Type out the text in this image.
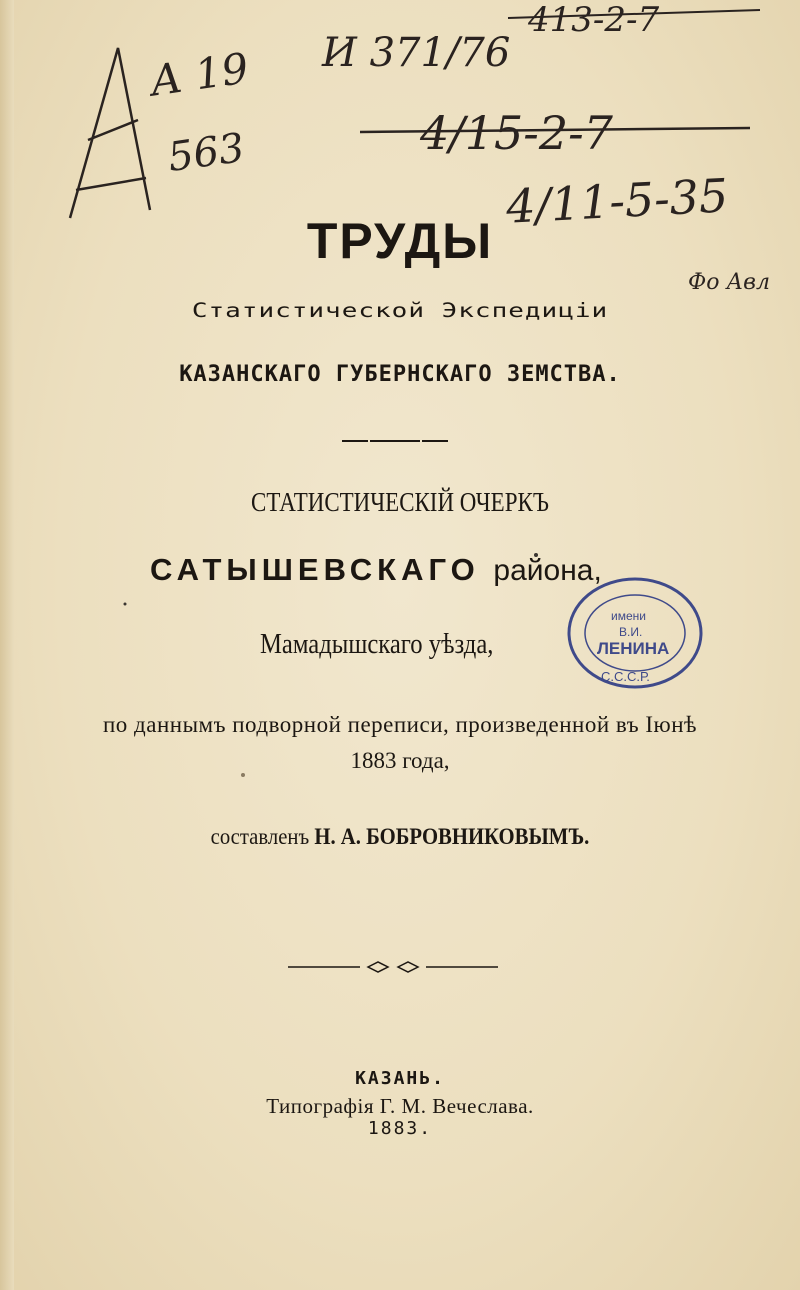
А 19
563
И 371/76
413-2-7
4/15-2-7
4/11-5-35
Фо Авл
ТРУДЫ
Статистической Экспедиціи
КАЗАНСКАГО ГУБЕРНСКАГО ЗЕМСТВА.
СТАТИСТИЧЕСКІЙ ОЧЕРКЪ
САТЫШЕВСКАГО района,
Мамадышскаго уѣзда,
по даннымъ подворной переписи, произведенной въ Іюнѣ
1883 года,
составленъ Н. А. БОБРОВНИКОВЫМЪ.
КАЗАНЬ.
Типографія Г. М. Вечеслава.
1883.
имени
В.И.
ЛЕНИНА
С.С.С.Р.
